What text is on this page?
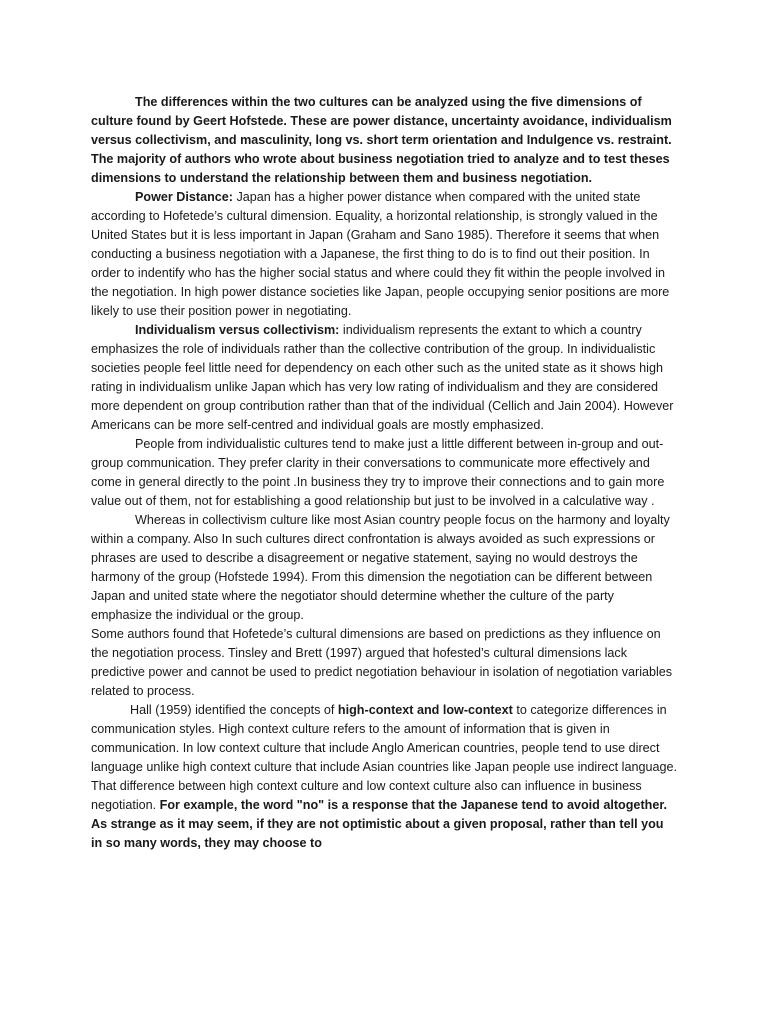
The differences within the two cultures can be analyzed using the five dimensions of culture found by Geert Hofstede. These are power distance, uncertainty avoidance, individualism versus collectivism, and masculinity, long vs. short term orientation and Indulgence vs. restraint. The majority of authors who wrote about business negotiation tried to analyze and to test theses dimensions to understand the relationship between them and business negotiation.

Power Distance: Japan has a higher power distance when compared with the united state according to Hofetede’s cultural dimension. Equality, a horizontal relationship, is strongly valued in the United States but it is less important in Japan (Graham and Sano 1985). Therefore it seems that when conducting a business negotiation with a Japanese, the first thing to do is to find out their position. In order to indentify who has the higher social status and where could they fit within the people involved in the negotiation. In high power distance societies like Japan, people occupying senior positions are more likely to use their position power in negotiating.

Individualism versus collectivism: individualism represents the extant to which a country emphasizes the role of individuals rather than the collective contribution of the group. In individualistic societies people feel little need for dependency on each other such as the united state as it shows high rating in individualism unlike Japan which has very low rating of individualism and they are considered more dependent on group contribution rather than that of the individual (Cellich and Jain 2004). However Americans can be more self-centred and individual goals are mostly emphasized.

People from individualistic cultures tend to make just a little different between in-group and out-group communication. They prefer clarity in their conversations to communicate more effectively and come in general directly to the point .In business they try to improve their connections and to gain more value out of them, not for establishing a good relationship but just to be involved in a calculative way .

Whereas in collectivism culture like most Asian country people focus on the harmony and loyalty within a company. Also In such cultures direct confrontation is always avoided as such expressions or phrases are used to describe a disagreement or negative statement, saying no would destroys the harmony of the group (Hofstede 1994). From this dimension the negotiation can be different between Japan and united state where the negotiator should determine whether the culture of the party emphasize the individual or the group.

Some authors found that Hofetede’s cultural dimensions are based on predictions as they influence on the negotiation process. Tinsley and Brett (1997) argued that hofested’s cultural dimensions lack predictive power and cannot be used to predict negotiation behaviour in isolation of negotiation variables related to process.

Hall (1959) identified the concepts of high-context and low-context to categorize differences in communication styles. High context culture refers to the amount of information that is given in communication. In low context culture that include Anglo American countries, people tend to use direct language unlike high context culture that include Asian countries like Japan people use indirect language. That difference between high context culture and low context culture also can influence in business negotiation. For example, the word "no" is a response that the Japanese tend to avoid altogether. As strange as it may seem, if they are not optimistic about a given proposal, rather than tell you in so many words, they may choose to
